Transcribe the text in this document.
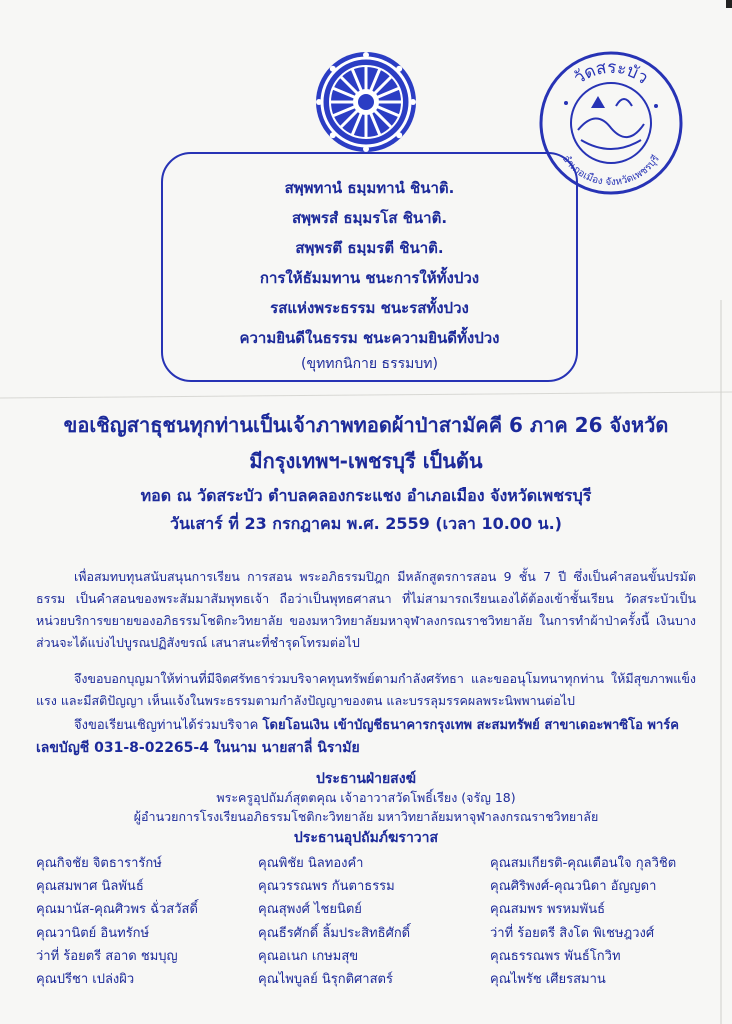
วัดสระบัว
อำเภอเมือง จังหวัดเพชรบุรี
สพฺพทานํ ธมฺมทานํ ชินาติ.
สพฺพรสํ ธมฺมรโส ชินาติ.
สพฺพรตึ ธมฺมรตี ชินาติ.
การให้ธัมมทาน ชนะการให้ทั้งปวง
รสแห่งพระธรรม ชนะรสทั้งปวง
ความยินดีในธรรม ชนะความยินดีทั้งปวง
(ขุททกนิกาย ธรรมบท)
ขอเชิญสาธุชนทุกท่านเป็นเจ้าภาพทอดผ้าป่าสามัคคี 6 ภาค 26 จังหวัด
มีกรุงเทพฯ-เพชรบุรี เป็นต้น
ทอด ณ วัดสระบัว ตำบลคลองกระแชง อำเภอเมือง จังหวัดเพชรบุรี
วันเสาร์ ที่ 23 กรกฎาคม พ.ศ. 2559 (เวลา 10.00 น.)

เพื่อสมทบทุนสนับสนุนการเรียน การสอน พระอภิธรรมปิฎก มีหลักสูตรการสอน 9 ชั้น 7 ปี ซึ่งเป็นคำสอนขั้นปรมัตธรรม เป็นคำสอนของพระสัมมาสัมพุทธเจ้า ถือว่าเป็นพุทธศาสนา ที่ไม่สามารถเรียนเองได้ต้องเข้าชั้นเรียน วัดสระบัวเป็นหน่วยบริการขยายของอภิธรรมโชติกะวิทยาลัย ของมหาวิทยาลัยมหาจุฬาลงกรณราชวิทยาลัย ในการทำผ้าป่าครั้งนี้ เงินบางส่วนจะได้แบ่งไปบูรณปฏิสังขรณ์ เสนาสนะที่ชำรุดโทรมต่อไป

จึงขอบอกบุญมาให้ท่านที่มีจิตศรัทธาร่วมบริจาคทุนทรัพย์ตามกำลังศรัทธา และขออนุโมทนาทุกท่าน ให้มีสุขภาพแข็งแรง และมีสติปัญญา เห็นแจ้งในพระธรรมตามกำลังปัญญาของตน และบรรลุมรรคผลพระนิพพานต่อไป

จึงขอเรียนเชิญท่านได้ร่วมบริจาค โดยโอนเงิน เข้าบัญชีธนาคารกรุงเทพ สะสมทรัพย์ สาขาเดอะพาซิโอ พาร์ค
เลขบัญชี 031-8-02265-4 ในนาม นายสาลี่ นิรามัย
ประธานฝ่ายสงฆ์
พระครูอุปถัมภ์สุตตคุณ เจ้าอาวาสวัดโพธิ์เรียง (จรัญ 18)
ผู้อำนวยการโรงเรียนอภิธรรมโชติกะวิทยาลัย มหาวิทยาลัยมหาจุฬาลงกรณราชวิทยาลัย
ประธานอุปถัมภ์ฆราวาส
คุณกิจชัย จิตธารารักษ์
คุณสมพาศ นิลพันธ์
คุณมานัส-คุณศิวพร ฉั่วสวัสดิ์
คุณวานิตย์ อินทรักษ์
ว่าที่ ร้อยตรี สอาด ชมบุญ
คุณปรีชา เปล่งผิว
คุณพิชัย นิลทองคำ
คุณวรรณพร กันตาธรรม
คุณสุพงศ์ ไชยนิตย์
คุณธีรศักดิ์ ลิ้มประสิทธิศักดิ์
คุณอเนก เกษมสุข
คุณไพบูลย์ นิรุกติศาสตร์
คุณสมเกียรติ-คุณเตือนใจ กุลวิชิต
คุณศิริพงศ์-คุณวนิดา อัญญดา
คุณสมพร พรหมพันธ์
ว่าที่ ร้อยตรี สิงโต พิเชษฎวงศ์
คุณธรรณพร พันธ์โกวิท
คุณไพรัช เศียรสมาน
